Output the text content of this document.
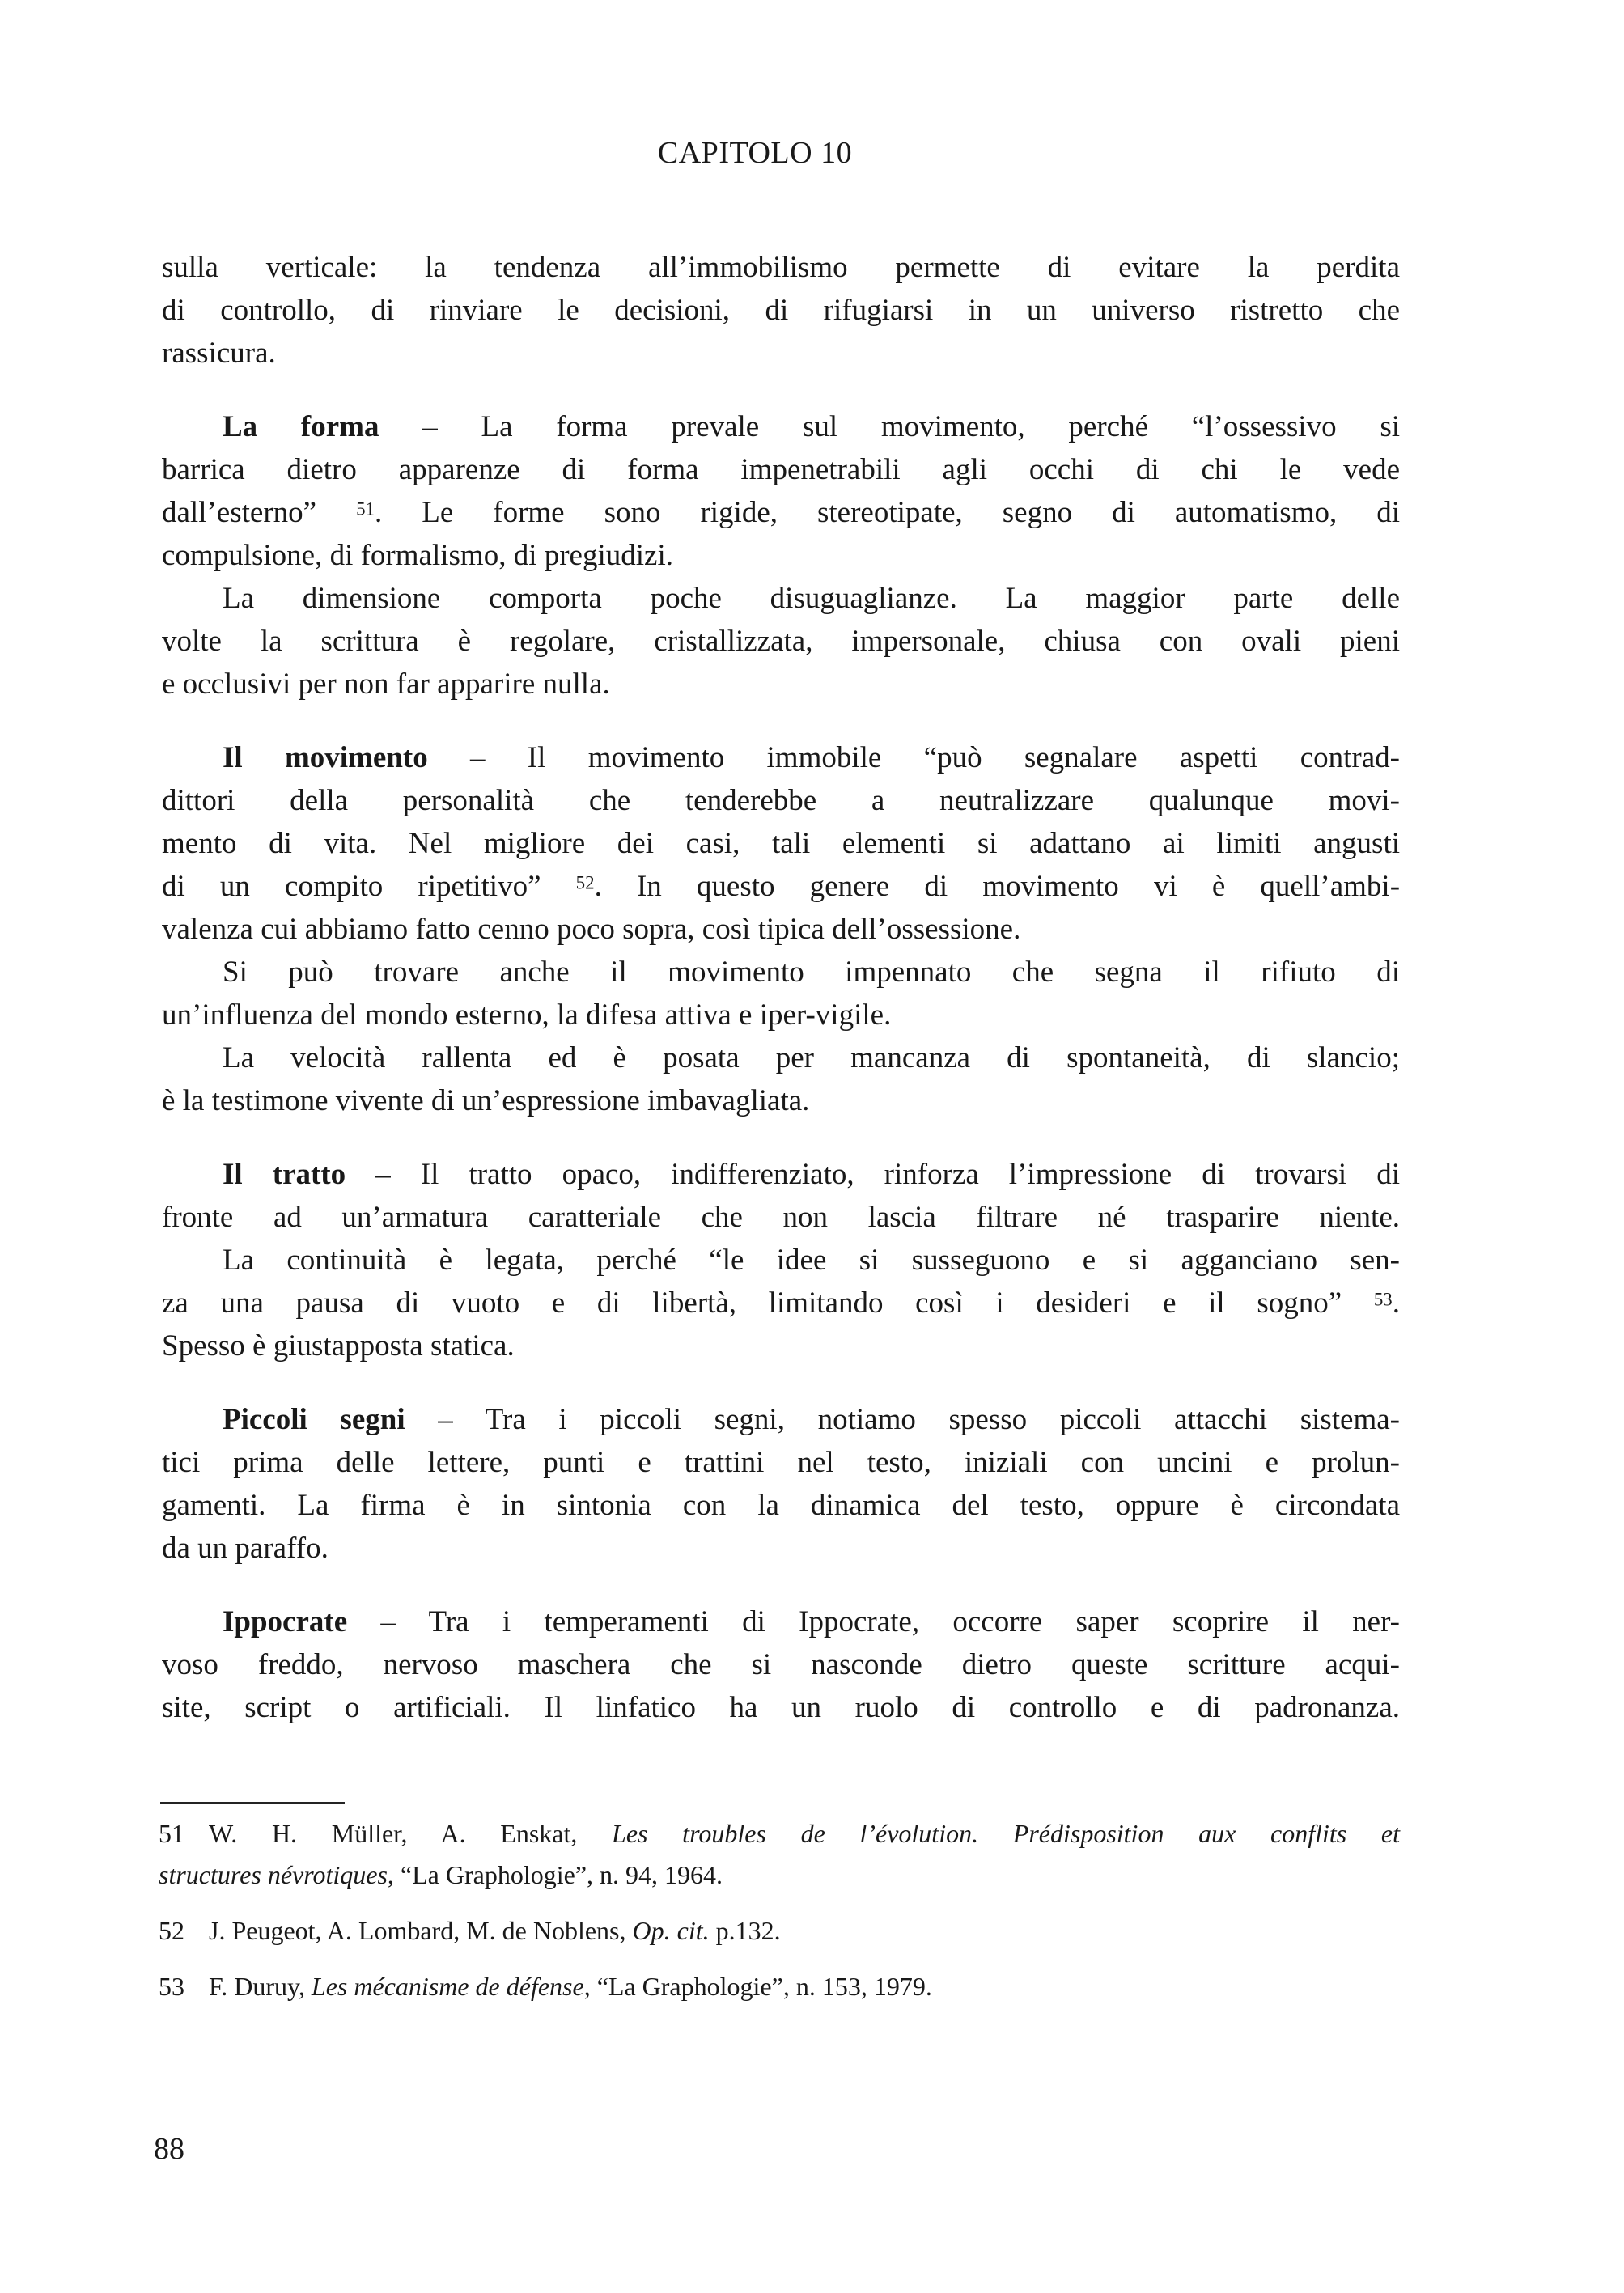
CAPITOLO 10
sulla verticale: la tendenza all’immobilismo permette di evitare la perdita
di controllo, di rinviare le decisioni, di rifugiarsi in un universo ristretto che
rassicura.
La forma – La forma prevale sul movimento, perché “l’ossessivo si
barrica dietro apparenze di forma impenetrabili agli occhi di chi le vede
dall’esterno” $^{51}$. Le forme sono rigide, stereotipate, segno di automatismo, di
compulsione, di formalismo, di pregiudizi.
La dimensione comporta poche disuguaglianze. La maggior parte delle
volte la scrittura è regolare, cristallizzata, impersonale, chiusa con ovali pieni
e occlusivi per non far apparire nulla.
Il movimento – Il movimento immobile “può segnalare aspetti contrad-
dittori della personalità che tenderebbe a neutralizzare qualunque movi-
mento di vita. Nel migliore dei casi, tali elementi si adattano ai limiti angusti
di un compito ripetitivo” $^{52}$. In questo genere di movimento vi è quell’ambi-
valenza cui abbiamo fatto cenno poco sopra, così tipica dell’ossessione.
Si può trovare anche il movimento impennato che segna il rifiuto di
un’influenza del mondo esterno, la difesa attiva e iper-vigile.
La velocità rallenta ed è posata per mancanza di spontaneità, di slancio;
è la testimone vivente di un’espressione imbavagliata.
Il tratto – Il tratto opaco, indifferenziato, rinforza l’impressione di trovarsi di
fronte ad un’armatura caratteriale che non lascia filtrare né trasparire niente.
La continuità è legata, perché “le idee si susseguono e si agganciano sen-
za una pausa di vuoto e di libertà, limitando così i desideri e il sogno” $^{53}$.
Spesso è giustapposta statica.
Piccoli segni – Tra i piccoli segni, notiamo spesso piccoli attacchi sistema-
tici prima delle lettere, punti e trattini nel testo, iniziali con uncini e prolun-
gamenti. La firma è in sintonia con la dinamica del testo, oppure è circondata
da un paraffo.
Ippocrate – Tra i temperamenti di Ippocrate, occorre saper scoprire il ner-
voso freddo, nervoso maschera che si nasconde dietro queste scritture acqui-
site, script o artificiali. Il linfatico ha un ruolo di controllo e di padronanza.
51 W. H. Müller, A. Enskat, Les troubles de l’évolution. Prédisposition aux conflits et
structures névrotiques, “La Graphologie”, n. 94, 1964.
52 J. Peugeot, A. Lombard, M. de Noblens, Op. cit. p.132.
53 F. Duruy, Les mécanisme de défense, “La Graphologie”, n. 153, 1979.
88
